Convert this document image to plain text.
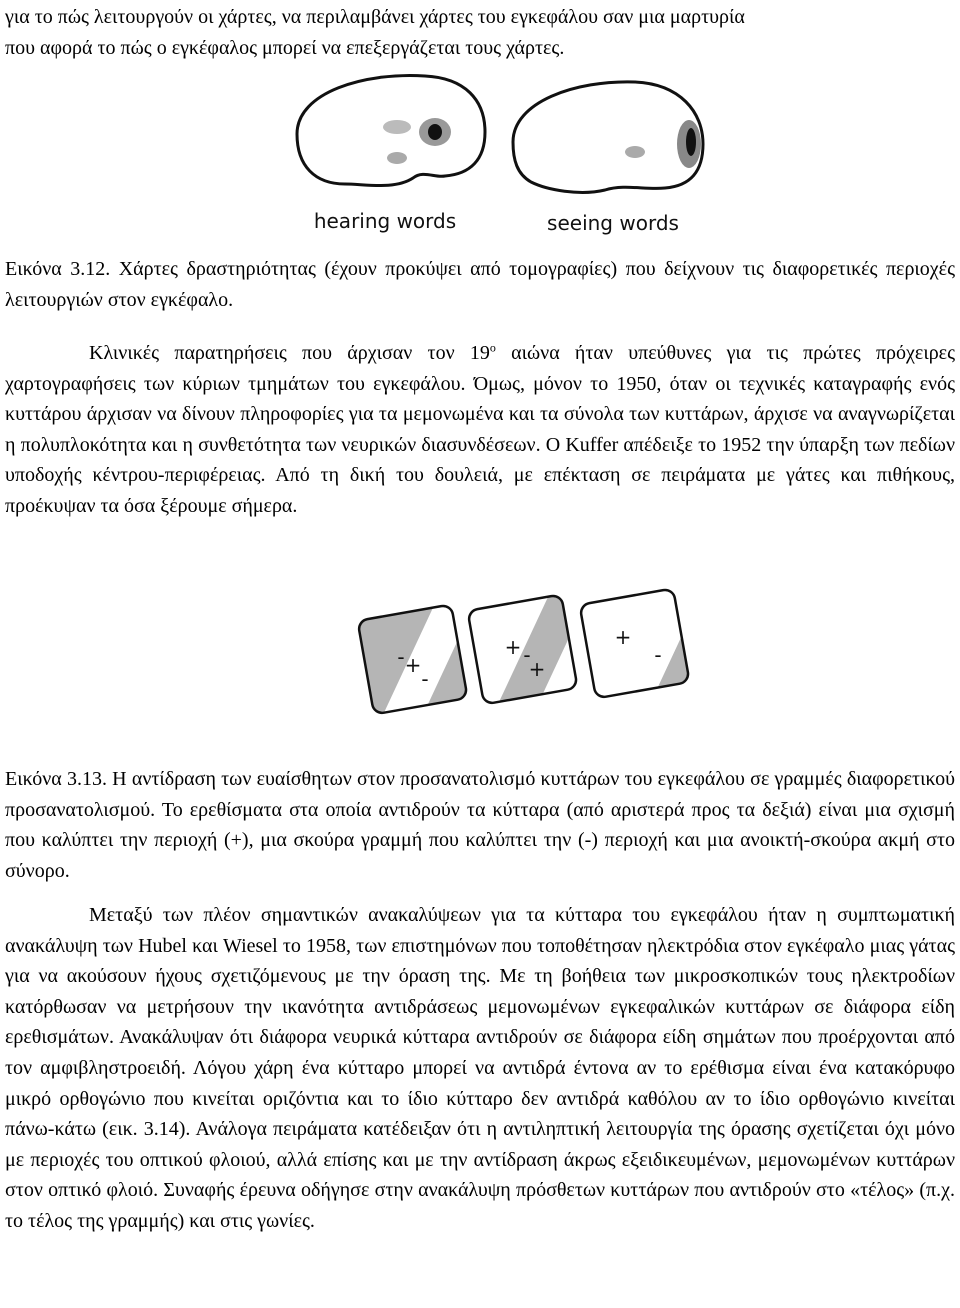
για το πώς λειτουργούν οι χάρτες, να περιλαμβάνει χάρτες του εγκεφάλου σαν μια μαρτυρία

που αφορά το πώς ο εγκέφαλος μπορεί να επεξεργάζεται τους χάρτες.

hearing words	seeing words

Εικόνα 3.12. Χάρτες δραστηριότητας (έχουν προκύψει από τομογραφίες) που δείχνουν τις διαφορετικές περιοχές λειτουργιών στον εγκέφαλο.

Κλινικές παρατηρήσεις που άρχισαν τον $19^o$ αιώνα ήταν υπεύθυνες για τις πρώτες πρόχειρες χαρτογραφήσεις των κύριων τμημάτων του εγκεφάλου. Όμως, μόνον το 1950, όταν οι τεχνικές καταγραφής ενός κυττάρου άρχισαν να δίνουν πληροφορίες για τα μεμονωμένα και τα σύνολα των κυττάρων, άρχισε να αναγνωρίζεται η πολυπλοκότητα και η συνθετότητα των νευρικών διασυνδέσεων. Ο Kuffer απέδειξε το 1952 την ύπαρξη των πεδίων υποδοχής κέντρου-περιφέρειας. Από τη δική του δουλειά, με επέκταση σε πειράματα με γάτες και πιθήκους, προέκυψαν τα όσα ξέρουμε σήμερα.

- +
-
+ -
+
+
-

Εικόνα 3.13. Η αντίδραση των ευαίσθητων στον προσανατολισμό κυττάρων του εγκεφάλου σε γραμμές διαφορετικού προσανατολισμού. Το ερεθίσματα στα οποία αντιδρούν τα κύτταρα (από αριστερά προς τα δεξιά) είναι μια σχισμή που καλύπτει την περιοχή (+), μια σκούρα γραμμή που καλύπτει την (-) περιοχή και μια ανοικτή-σκούρα ακμή στο σύνορο.

Μεταξύ των πλέον σημαντικών ανακαλύψεων για τα κύτταρα του εγκεφάλου ήταν η συμπτωματική ανακάλυψη των Hubel και Wiesel το 1958, των επιστημόνων που τοποθέτησαν ηλεκτρόδια στον εγκέφαλο μιας γάτας για να ακούσουν ήχους σχετιζόμενους με την όραση της. Με τη βοήθεια των μικροσκοπικών τους ηλεκτροδίων κατόρθωσαν να μετρήσουν την ικανότητα αντιδράσεως μεμονωμένων εγκεφαλικών κυττάρων σε διάφορα είδη ερεθισμάτων. Ανακάλυψαν ότι διάφορα νευρικά κύτταρα αντιδρούν σε διάφορα είδη σημάτων που προέρχονται από τον αμφιβληστροειδή. Λόγου χάρη ένα κύτταρο μπορεί να αντιδρά έντονα αν το ερέθισμα είναι ένα κατακόρυφο μικρό ορθογώνιο που κινείται οριζόντια και το ίδιο κύτταρο δεν αντιδρά καθόλου αν το ίδιο ορθογώνιο κινείται πάνω-κάτω (εικ. 3.14). Ανάλογα πειράματα κατέδειξαν ότι η αντιληπτική λειτουργία της όρασης σχετίζεται όχι μόνο με περιοχές του οπτικού φλοιού, αλλά επίσης και με την αντίδραση άκρως εξειδικευμένων, μεμονωμένων κυττάρων στον οπτικό φλοιό. Συναφής έρευνα οδήγησε στην ανακάλυψη πρόσθετων κυττάρων που αντιδρούν στο «τέλος» (π.χ. το τέλος της γραμμής) και στις γωνίες.
